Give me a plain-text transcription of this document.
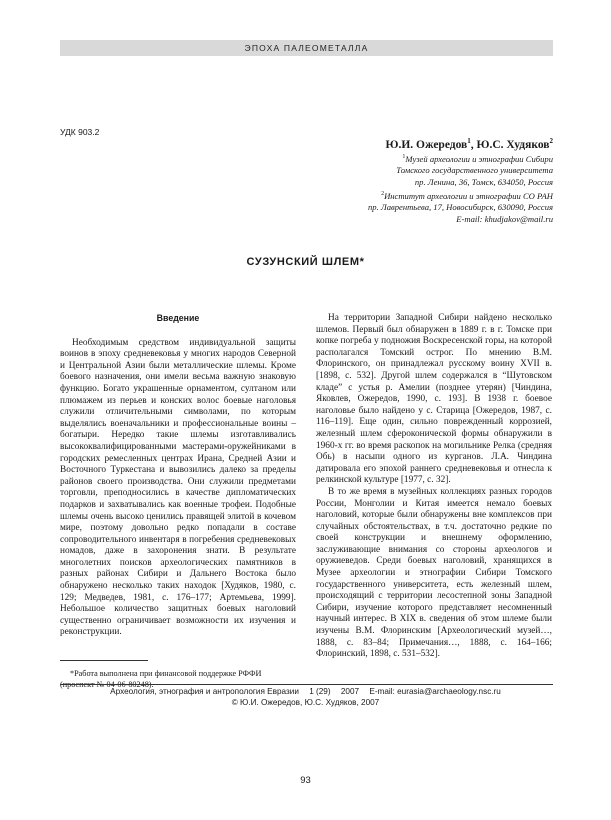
ЭПОХА ПАЛЕОМЕТАЛЛА
УДК 903.2
Ю.И. Ожередов$^1$, Ю.С. Худяков$^2$
$^1$Музей археологии и этнографии Сибири
Томского государственного университета
пр. Ленина, 36, Томск, 634050, Россия
$^2$Институт археологии и этнографии СО РАН
пр. Лаврентьева, 17, Новосибирск, 630090, Россия
E-mail: khudjakov@mail.ru
СУЗУНСКИЙ ШЛЕМ*
Введение

Необходимым средством индивидуальной защиты воинов в эпоху средневековья у многих народов Северной и Центральной Азии были металлические шлемы. Кроме боевого назначения, они имели весьма важную знаковую функцию. Богато украшенные орнаментом, султаном или плюмажем из перьев и конских волос боевые наголовья служили отличительными символами, по которым выделялись военачальники и профессиональные воины – богатыри. Нередко такие шлемы изготавливались высококвалифицированными мастерами-оружейниками в городских ремесленных центрах Ирана, Средней Азии и Восточного Туркестана и вывозились далеко за пределы районов своего производства. Они служили предметами торговли, преподносились в качестве дипломатических подарков и захватывались как военные трофеи. Подобные шлемы очень высоко ценились правящей элитой в кочевом мире, поэтому довольно редко попадали в составе сопроводительного инвентаря в погребения средневековых номадов, даже в захоронения знати. В результате многолетних поисков археологических памятников в разных районах Сибири и Дальнего Востока было обнаружено несколько таких находок [Худяков, 1980, с. 129; Медведев, 1981, с. 176–177; Артемьева, 1999]. Небольшое количество защитных боевых наголовий существенно ограничивает возможности их изучения и реконструкции.

На территории Западной Сибири найдено несколько шлемов. Первый был обнаружен в 1889 г. в г. Томске при копке погреба у подножия Воскресенской горы, на которой располагался Томский острог. По мнению В.М. Флоринского, он принадлежал русскому воину XVII в. [1898, с. 532]. Другой шлем содержался в “Шутовском кладе” с устья р. Амелии (позднее утерян) [Чиндина, Яковлев, Ожередов, 1990, с. 193]. В 1938 г. боевое наголовье было найдено у с. Старица [Ожередов, 1987, с. 116–119]. Еще один, сильно поврежденный коррозией, железный шлем сфероконической формы обнаружили в 1960-х гг. во время раскопок на могильнике Релка (средняя Обь) в насыпи одного из курганов. Л.А. Чиндина датировала его эпохой раннего средневековья и отнесла к релкинской культуре [1977, с. 32].

В то же время в музейных коллекциях разных городов России, Монголии и Китая имеется немало боевых наголовий, которые были обнаружены вне комплексов при случайных обстоятельствах, в т.ч. достаточно редкие по своей конструкции и внешнему оформлению, заслуживающие внимания со стороны археологов и оружиеведов. Среди боевых наголовий, хранящихся в Музее археологии и этнографии Сибири Томского государственного университета, есть железный шлем, происходящий с территории лесостепной зоны Западной Сибири, изучение которого представляет несомненный научный интерес. В XIX в. сведения об этом шлеме были изучены В.М. Флоринским [Археологический музей…, 1888, с. 83–84; Примечания…, 1888, с. 164–166; Флоринский, 1898, с. 531–532].

*Работа выполнена при финансовой поддержке РФФИ (проспект № 04-06-80248).

Археология, этнография и антропология Евразии 1 (29) 2007 E-mail: eurasia@archaeology.nsc.ru
© Ю.И. Ожередов, Ю.С. Худяков, 2007
93
